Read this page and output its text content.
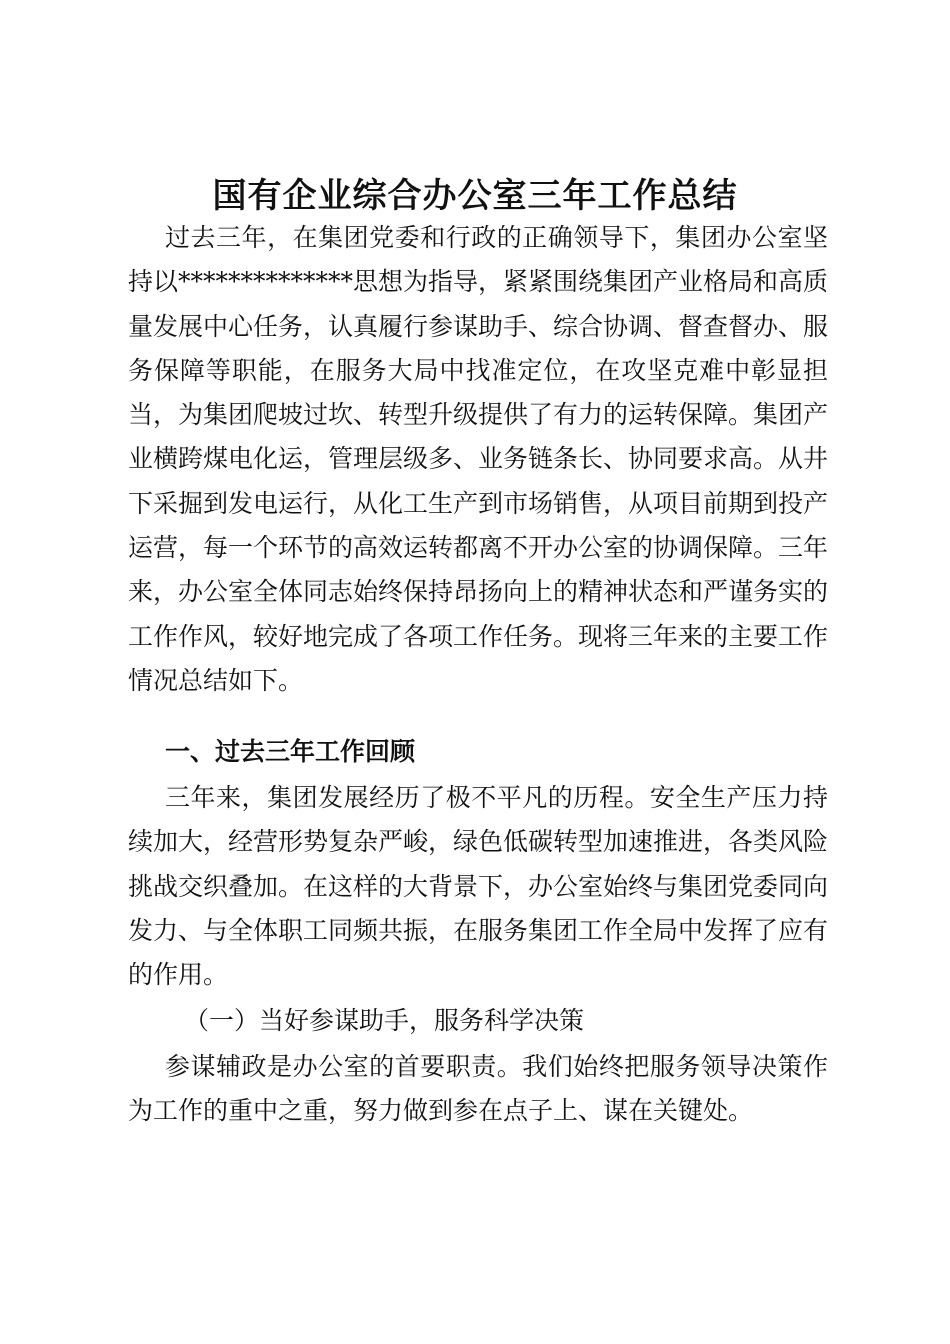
国有企业综合办公室三年工作总结

过去三年，在集团党委和行政的正确领导下，集团办公室坚持以**************思想为指导，紧紧围绕集团产业格局和高质量发展中心任务，认真履行参谋助手、综合协调、督查督办、服务保障等职能，在服务大局中找准定位，在攻坚克难中彰显担当，为集团爬坡过坎、转型升级提供了有力的运转保障。集团产业横跨煤电化运，管理层级多、业务链条长、协同要求高。从井下采掘到发电运行，从化工生产到市场销售，从项目前期到投产运营，每一个环节的高效运转都离不开办公室的协调保障。三年来，办公室全体同志始终保持昂扬向上的精神状态和严谨务实的工作作风，较好地完成了各项工作任务。现将三年来的主要工作情况总结如下。

一、过去三年工作回顾

三年来，集团发展经历了极不平凡的历程。安全生产压力持续加大，经营形势复杂严峻，绿色低碳转型加速推进，各类风险挑战交织叠加。在这样的大背景下，办公室始终与集团党委同向发力、与全体职工同频共振，在服务集团工作全局中发挥了应有的作用。

（一）当好参谋助手，服务科学决策

参谋辅政是办公室的首要职责。我们始终把服务领导决策作为工作的重中之重，努力做到参在点子上、谋在关键处。
